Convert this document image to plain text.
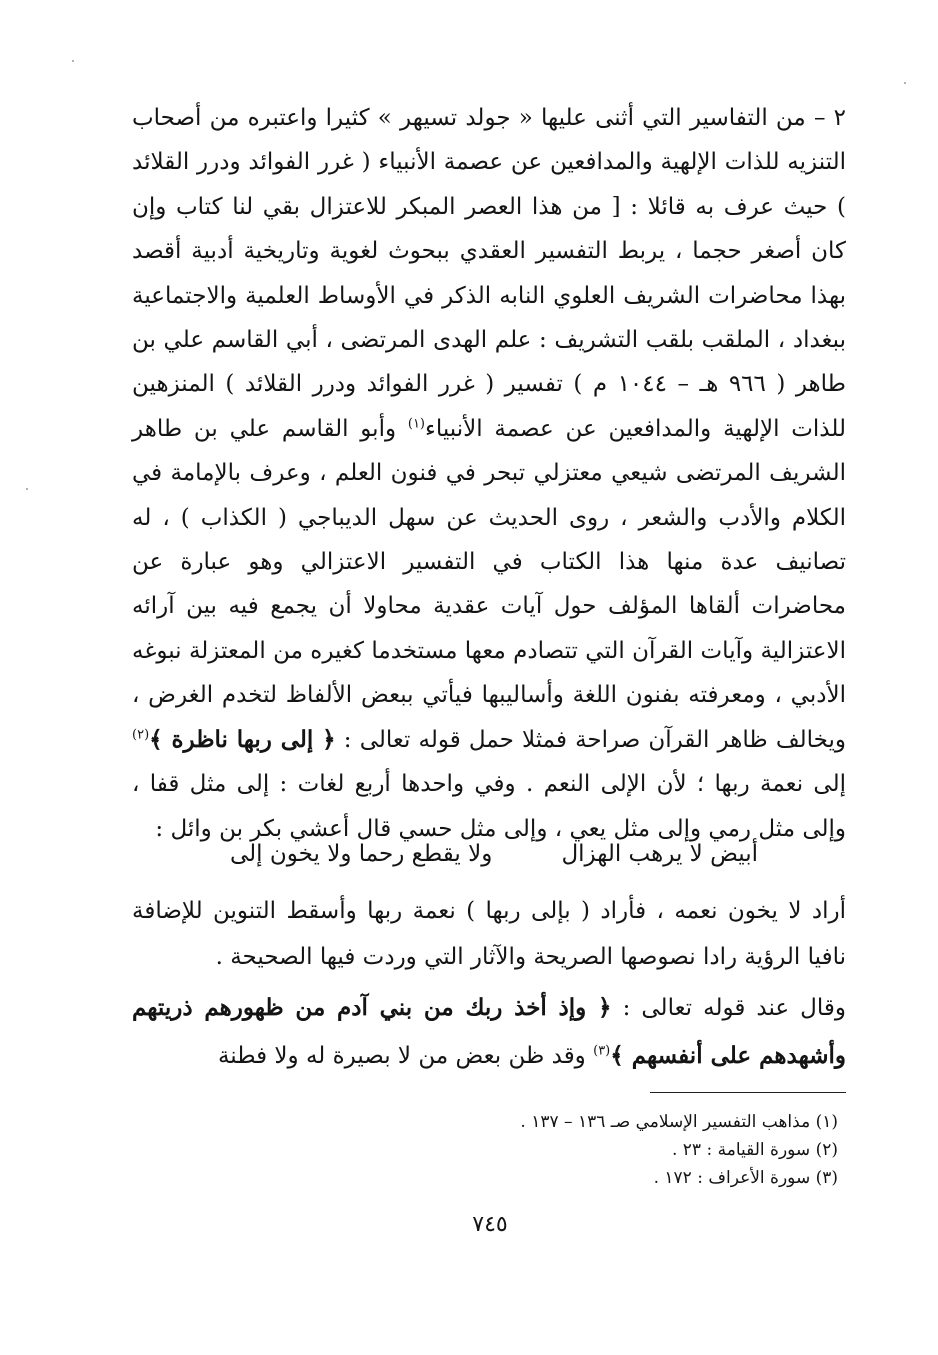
٢ – من التفاسير التي أثنى عليها « جولد تسيهر » كثيرا واعتبره من أصحاب التنزيه للذات الإلهية والمدافعين عن عصمة الأنبياء ( غرر الفوائد ودرر القلائد ) حيث عرف به قائلا : [ من هذا العصر المبكر للاعتزال بقي لنا كتاب وإن كان أصغر حجما ، يربط التفسير العقدي ببحوث لغوية وتاريخية أدبية أقصد بهذا محاضرات الشريف العلوي النابه الذكر في الأوساط العلمية والاجتماعية ببغداد ، الملقب بلقب التشريف : علم الهدى المرتضى ، أبي القاسم علي بن طاهر ( ٩٦٦ هـ – ١٠٤٤ م ) تفسير ( غرر الفوائد ودرر القلائد ) المنزهين للذات الإلهية والمدافعين عن عصمة الأنبياء$^{(١)}$ وأبو القاسم علي بن طاهر الشريف المرتضى شيعي معتزلي تبحر في فنون العلم ، وعرف بالإمامة في الكلام والأدب والشعر ، روى الحديث عن سهل الديباجي ( الكذاب ) ، له تصانيف عدة منها هذا الكتاب في التفسير الاعتزالي وهو عبارة عن محاضرات ألقاها المؤلف حول آيات عقدية محاولا أن يجمع فيه بين آرائه الاعتزالية وآيات القرآن التي تتصادم معها مستخدما كغيره من المعتزلة نبوغه الأدبي ، ومعرفته بفنون اللغة وأساليبها فيأتي ببعض الألفاظ لتخدم الغرض ، ويخالف ظاهر القرآن صراحة فمثلا حمل قوله تعالى : ﴿ إلى ربها ناظرة ﴾$^{(٢)}$ إلى نعمة ربها ؛ لأن الإلى النعم . وفي واحدها أربع لغات : إلى مثل قفا ، وإلى مثل رمي وإلى مثل يعي ، وإلى مثل حسي قال أعشي بكر بن وائل :

أبيض لا يرهب الهزال
ولا يقطع رحما ولا يخون إلى

أراد لا يخون نعمه ، فأراد ( بإلى ربها ) نعمة ربها وأسقط التنوين للإضافة نافيا الرؤية رادا نصوصها الصريحة والآثار التي وردت فيها الصحيحة .

وقال عند قوله تعالى : ﴿ وإذ أخذ ربك من بني آدم من ظهورهم ذريتهم وأشهدهم على أنفسهم ﴾$^{(٣)}$ وقد ظن بعض من لا بصيرة له ولا فطنة

(١) مذاهب التفسير الإسلامي صـ ١٣٦ – ١٣٧ .
(٢) سورة القيامة : ٢٣ .
(٣) سورة الأعراف : ١٧٢ .
٧٤٥
